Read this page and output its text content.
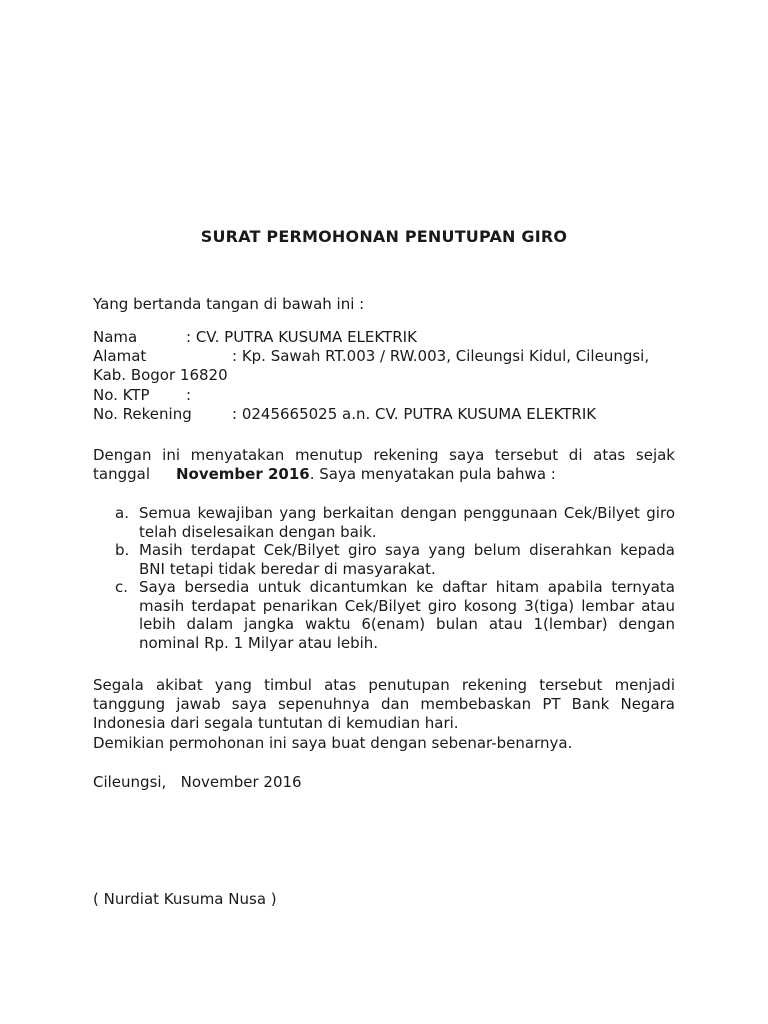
SURAT PERMOHONAN PENUTUPAN GIRO
Yang bertanda tangan di bawah ini :
Nama	: CV. PUTRA KUSUMA ELEKTRIK
Alamat	: Kp. Sawah RT.003 / RW.003, Cileungsi Kidul, Cileungsi,
Kab. Bogor 16820
No. KTP :
No. Rekening	: 0245665025 a.n. CV. PUTRA KUSUMA ELEKTRIK
Dengan ini menyatakan menutup rekening saya tersebut di atas sejak
tanggal November 2016. Saya menyatakan pula bahwa :
a. Semua kewajiban yang berkaitan dengan penggunaan Cek/Bilyet giro telah diselesaikan dengan baik.
b. Masih terdapat Cek/Bilyet giro saya yang belum diserahkan kepada BNI tetapi tidak beredar di masyarakat.
c. Saya bersedia untuk dicantumkan ke daftar hitam apabila ternyata masih terdapat penarikan Cek/Bilyet giro kosong 3(tiga) lembar atau lebih dalam jangka waktu 6(enam) bulan atau 1(lembar) dengan nominal Rp. 1 Milyar atau lebih.
Segala akibat yang timbul atas penutupan rekening tersebut menjadi tanggung jawab saya sepenuhnya dan membebaskan PT Bank Negara Indonesia dari segala tuntutan di kemudian hari.
Demikian permohonan ini saya buat dengan sebenar-benarnya.
Cileungsi,   November 2016
( Nurdiat Kusuma Nusa )
